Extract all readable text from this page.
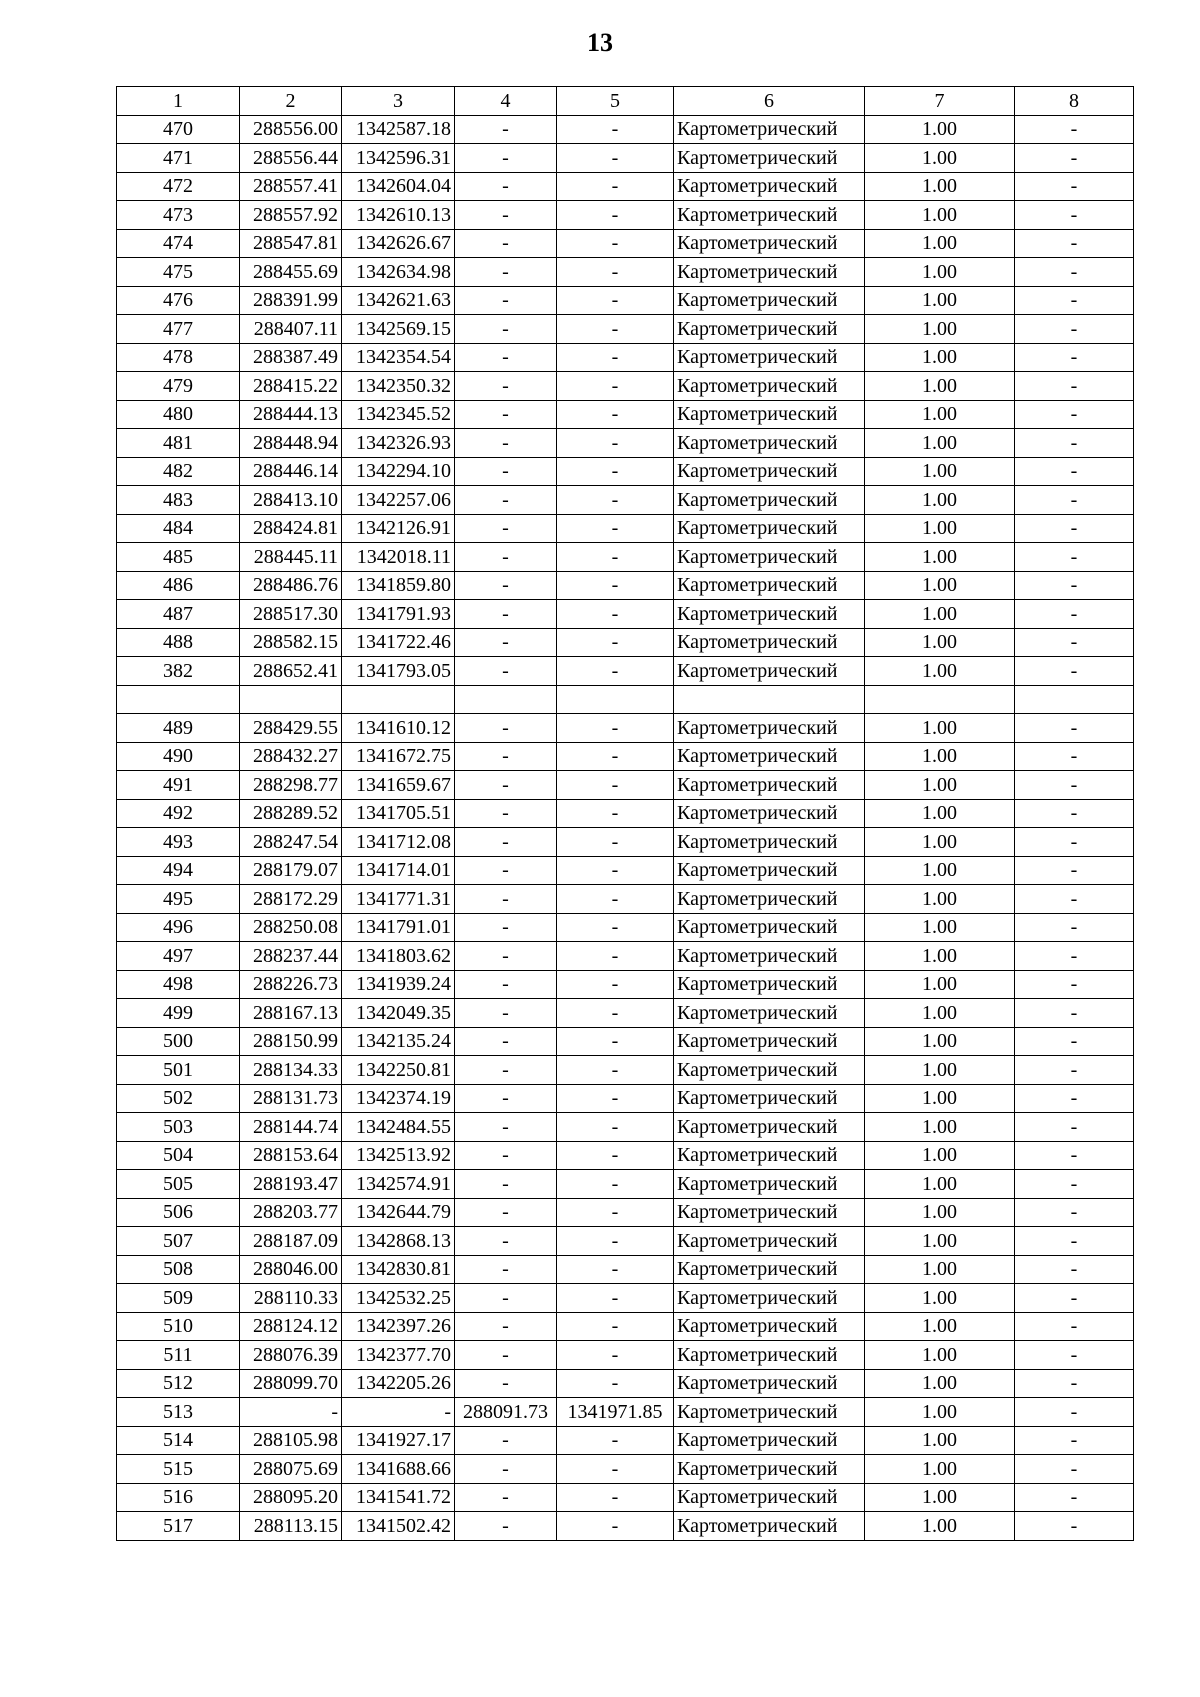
13
1	2	3	4	5	6	7	8
470	288556.00	1342587.18	-	-	Картометрический	1.00	-
471	288556.44	1342596.31	-	-	Картометрический	1.00	-
472	288557.41	1342604.04	-	-	Картометрический	1.00	-
473	288557.92	1342610.13	-	-	Картометрический	1.00	-
474	288547.81	1342626.67	-	-	Картометрический	1.00	-
475	288455.69	1342634.98	-	-	Картометрический	1.00	-
476	288391.99	1342621.63	-	-	Картометрический	1.00	-
477	288407.11	1342569.15	-	-	Картометрический	1.00	-
478	288387.49	1342354.54	-	-	Картометрический	1.00	-
479	288415.22	1342350.32	-	-	Картометрический	1.00	-
480	288444.13	1342345.52	-	-	Картометрический	1.00	-
481	288448.94	1342326.93	-	-	Картометрический	1.00	-
482	288446.14	1342294.10	-	-	Картометрический	1.00	-
483	288413.10	1342257.06	-	-	Картометрический	1.00	-
484	288424.81	1342126.91	-	-	Картометрический	1.00	-
485	288445.11	1342018.11	-	-	Картометрический	1.00	-
486	288486.76	1341859.80	-	-	Картометрический	1.00	-
487	288517.30	1341791.93	-	-	Картометрический	1.00	-
488	288582.15	1341722.46	-	-	Картометрический	1.00	-
382	288652.41	1341793.05	-	-	Картометрический	1.00	-

489	288429.55	1341610.12	-	-	Картометрический	1.00	-
490	288432.27	1341672.75	-	-	Картометрический	1.00	-
491	288298.77	1341659.67	-	-	Картометрический	1.00	-
492	288289.52	1341705.51	-	-	Картометрический	1.00	-
493	288247.54	1341712.08	-	-	Картометрический	1.00	-
494	288179.07	1341714.01	-	-	Картометрический	1.00	-
495	288172.29	1341771.31	-	-	Картометрический	1.00	-
496	288250.08	1341791.01	-	-	Картометрический	1.00	-
497	288237.44	1341803.62	-	-	Картометрический	1.00	-
498	288226.73	1341939.24	-	-	Картометрический	1.00	-
499	288167.13	1342049.35	-	-	Картометрический	1.00	-
500	288150.99	1342135.24	-	-	Картометрический	1.00	-
501	288134.33	1342250.81	-	-	Картометрический	1.00	-
502	288131.73	1342374.19	-	-	Картометрический	1.00	-
503	288144.74	1342484.55	-	-	Картометрический	1.00	-
504	288153.64	1342513.92	-	-	Картометрический	1.00	-
505	288193.47	1342574.91	-	-	Картометрический	1.00	-
506	288203.77	1342644.79	-	-	Картометрический	1.00	-
507	288187.09	1342868.13	-	-	Картометрический	1.00	-
508	288046.00	1342830.81	-	-	Картометрический	1.00	-
509	288110.33	1342532.25	-	-	Картометрический	1.00	-
510	288124.12	1342397.26	-	-	Картометрический	1.00	-
511	288076.39	1342377.70	-	-	Картометрический	1.00	-
512	288099.70	1342205.26	-	-	Картометрический	1.00	-
513	-	-	288091.73	1341971.85	Картометрический	1.00	-
514	288105.98	1341927.17	-	-	Картометрический	1.00	-
515	288075.69	1341688.66	-	-	Картометрический	1.00	-
516	288095.20	1341541.72	-	-	Картометрический	1.00	-
517	288113.15	1341502.42	-	-	Картометрический	1.00	-
